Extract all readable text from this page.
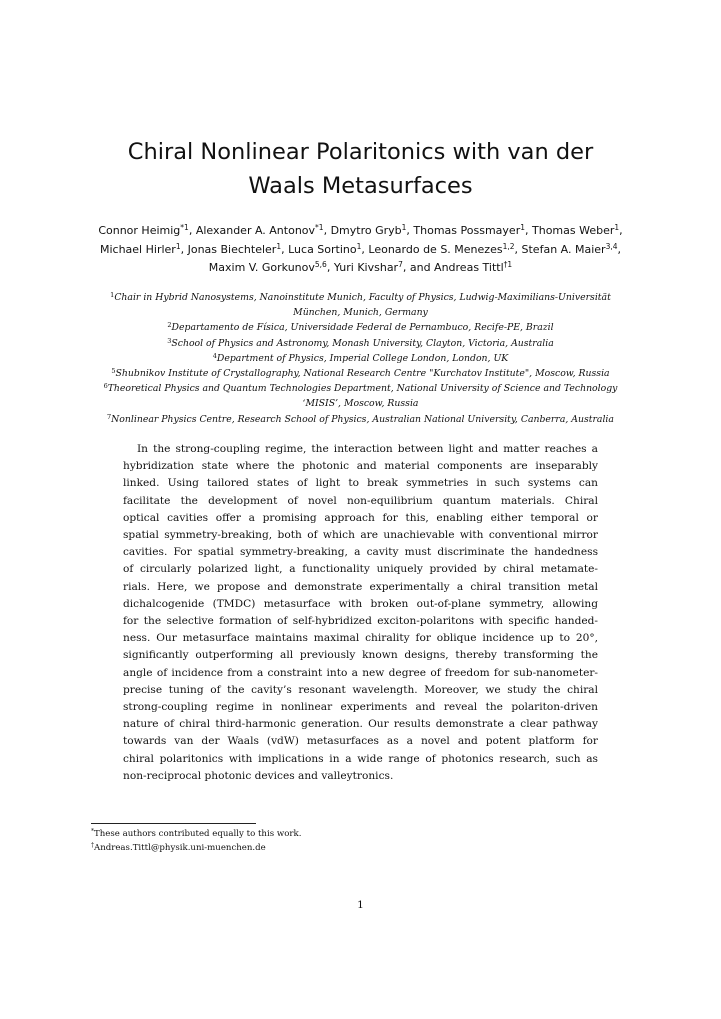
Chiral Nonlinear Polaritonics with van der
Waals Metasurfaces
Connor Heimig$^{*1}$, Alexander A. Antonov$^{*1}$, Dmytro Gryb$^1$, Thomas Possmayer$^1$, Thomas Weber$^1$,
Michael Hirler$^1$, Jonas Biechteler$^1$, Luca Sortino$^1$, Leonardo de S. Menezes$^{1,2}$, Stefan A. Maier$^{3,4}$,
Maxim V. Gorkunov$^{5,6}$, Yuri Kivshar$^7$, and Andreas Tittl$^{\dagger 1}$
$^1$Chair in Hybrid Nanosystems, Nanoinstitute Munich, Faculty of Physics, Ludwig-Maximilians-Universität
München, Munich, Germany
$^2$Departamento de Física, Universidade Federal de Pernambuco, Recife-PE, Brazil
$^3$School of Physics and Astronomy, Monash University, Clayton, Victoria, Australia
$^4$Department of Physics, Imperial College London, London, UK
$^5$Shubnikov Institute of Crystallography, National Research Centre "Kurchatov Institute", Moscow, Russia
$^6$Theoretical Physics and Quantum Technologies Department, National University of Science and Technology
‘MISIS’, Moscow, Russia
$^7$Nonlinear Physics Centre, Research School of Physics, Australian National University, Canberra, Australia
In the strong-coupling regime, the interaction between light and matter reaches a
hybridization state where the photonic and material components are inseparably
linked. Using tailored states of light to break symmetries in such systems can
facilitate the development of novel non-equilibrium quantum materials. Chiral
optical cavities offer a promising approach for this, enabling either temporal or
spatial symmetry-breaking, both of which are unachievable with conventional mirror
cavities. For spatial symmetry-breaking, a cavity must discriminate the handedness
of circularly polarized light, a functionality uniquely provided by chiral metamate-
rials. Here, we propose and demonstrate experimentally a chiral transition metal
dichalcogenide (TMDC) metasurface with broken out-of-plane symmetry, allowing
for the selective formation of self-hybridized exciton-polaritons with specific handed-
ness. Our metasurface maintains maximal chirality for oblique incidence up to 20°,
significantly outperforming all previously known designs, thereby transforming the
angle of incidence from a constraint into a new degree of freedom for sub-nanometer-
precise tuning of the cavity’s resonant wavelength. Moreover, we study the chiral
strong-coupling regime in nonlinear experiments and reveal the polariton-driven
nature of chiral third-harmonic generation. Our results demonstrate a clear pathway
towards van der Waals (vdW) metasurfaces as a novel and potent platform for
chiral polaritonics with implications in a wide range of photonics research, such as
non-reciprocal photonic devices and valleytronics.
*These authors contributed equally to this work.
†Andreas.Tittl@physik.uni-muenchen.de
1
